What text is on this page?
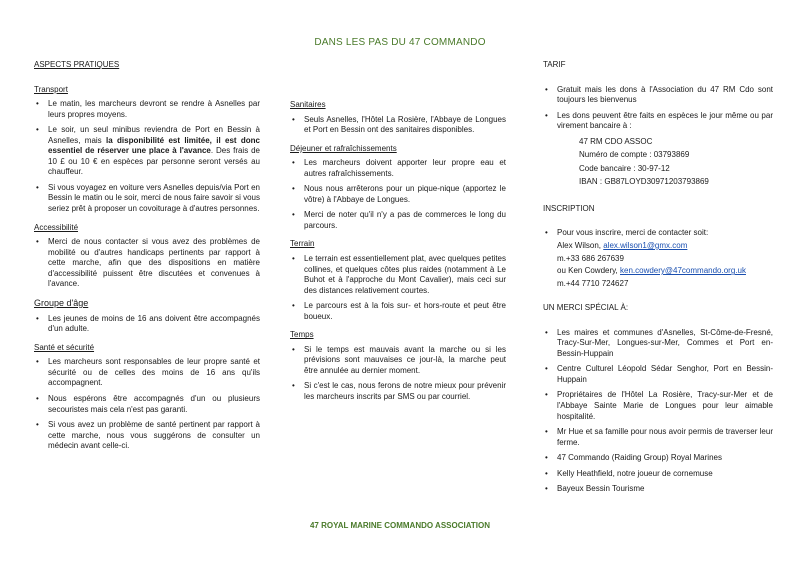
DANS LES PAS DU 47 COMMANDO
ASPECTS PRATIQUES
Transport
• Le matin, les marcheurs devront se rendre à Asnelles par leurs propres moyens.
• Le soir, un seul minibus reviendra de Port en Bessin à Asnelles, mais la disponibilité est limitée, il est donc essentiel de réserver une place à l'avance. Des frais de 10 £ ou 10 € en espèces par personne seront versés au chauffeur.
• Si vous voyagez en voiture vers Asnelles depuis/via Port en Bessin le matin ou le soir, merci de nous faire savoir si vous seriez prêt à proposer un covoiturage à d'autres personnes.
Accessibilité
• Merci de nous contacter si vous avez des problèmes de mobilité ou d'autres handicaps pertinents par rapport à cette marche, afin que des dispositions en matière d'accessibilité puissent être discutées et convenues à l'avance.
Groupe d'âge
• Les jeunes de moins de 16 ans doivent être accompagnés d'un adulte.
Santé et sécurité
• Les marcheurs sont responsables de leur propre santé et sécurité ou de celles des moins de 16 ans qu'ils accompagnent.
• Nous espérons être accompagnés d'un ou plusieurs secouristes mais cela n'est pas garanti.
• Si vous avez un problème de santé pertinent par rapport à cette marche, nous vous suggérons de consulter un médecin avant celle-ci.
Sanitaires
• Seuls Asnelles, l'Hôtel La Rosière, l'Abbaye de Longues et Port en Bessin ont des sanitaires disponibles.
Déjeuner et rafraîchissements
• Les marcheurs doivent apporter leur propre eau et autres rafraîchissements.
• Nous nous arrêterons pour un pique-nique (apportez le vôtre) à l'Abbaye de Longues.
• Merci de noter qu'il n'y a pas de commerces le long du parcours.
Terrain
• Le terrain est essentiellement plat, avec quelques petites collines, et quelques côtes plus raides (notamment à Le Buhot et à l'approche du Mont Cavalier), mais ceci sur des distances relativement courtes.
• Le parcours est à la fois sur- et hors-route et peut être boueux.
Temps
• Si le temps est mauvais avant la marche ou si les prévisions sont mauvaises ce jour-là, la marche peut être annulée au dernier moment.
• Si c'est le cas, nous ferons de notre mieux pour prévenir les marcheurs inscrits par SMS ou par courriel.
TARIF
• Gratuit mais les dons à l'Association du 47 RM Cdo sont toujours les bienvenus
• Les dons peuvent être faits en espèces le jour même ou par virement bancaire à :
47 RM CDO ASSOC
Numéro de compte : 03793869
Code bancaire : 30-97-12
IBAN : GB87LOYD30971203793869
INSCRIPTION
• Pour vous inscrire, merci de contacter soit:
Alex Wilson, alex.wilson1@gmx.com
m.+33 686 267639
ou Ken Cowdery, ken.cowdery@47commando.org.uk
m.+44 7710 724627
UN MERCI SPÉCIAL À:
• Les maires et communes d'Asnelles, St-Côme-de-Fresné, Tracy-Sur-Mer, Longues-sur-Mer, Commes et Port en-Bessin-Huppain
• Centre Culturel Léopold Sédar Senghor, Port en Bessin-Huppain
• Propriétaires de l'Hôtel La Rosière, Tracy-sur-Mer et de l'Abbaye Sainte Marie de Longues pour leur aimable hospitalité.
• Mr Hue et sa famille pour nous avoir permis de traverser leur ferme.
• 47 Commando (Raiding Group) Royal Marines
• Kelly Heathfield, notre joueur de cornemuse
• Bayeux Bessin Tourisme
47 ROYAL MARINE COMMANDO ASSOCIATION
